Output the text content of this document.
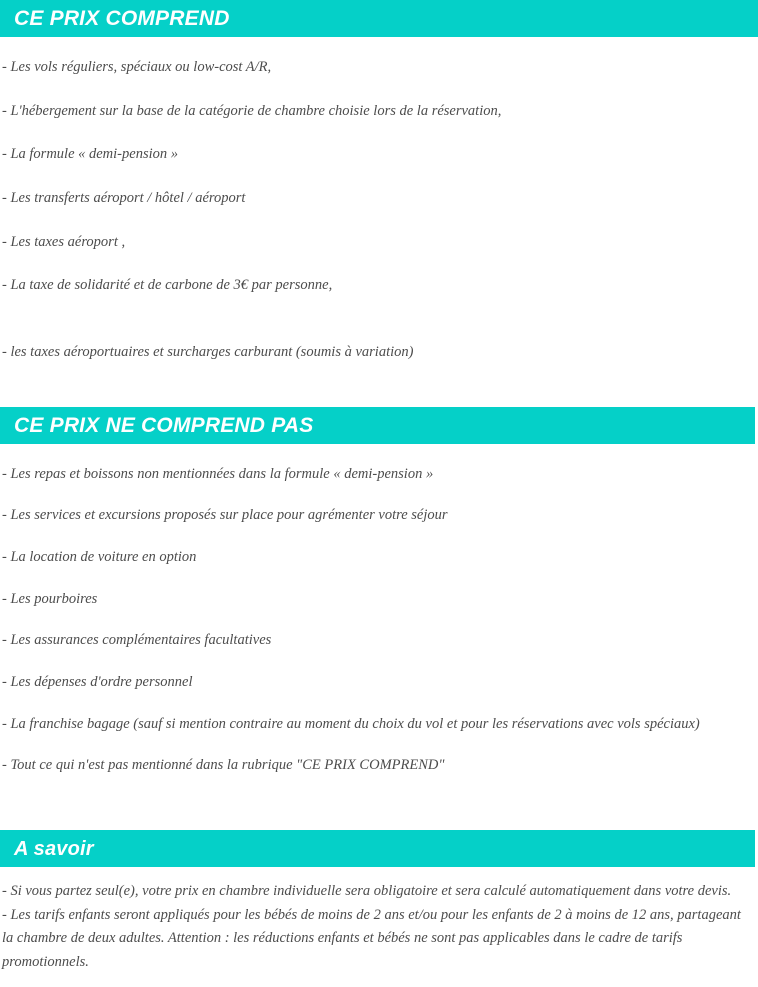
CE PRIX COMPREND
- Les vols réguliers, spéciaux ou low-cost A/R,
- L'hébergement sur la base de la catégorie de chambre choisie lors de la réservation,
- La formule « demi-pension »
- Les transferts aéroport / hôtel / aéroport
- Les taxes aéroport ,
- La taxe de solidarité et de carbone de 3€ par personne,
- les taxes aéroportuaires et surcharges carburant (soumis à variation)
CE PRIX NE COMPREND PAS
- Les repas et boissons non mentionnées dans la formule « demi-pension »
- Les services et excursions proposés sur place pour agrémenter votre séjour
- La location de voiture en option
- Les pourboires
- Les assurances complémentaires facultatives
- Les dépenses d'ordre personnel
- La franchise bagage (sauf si mention contraire au moment du choix du vol et pour les réservations avec vols spéciaux)
- Tout ce qui n'est pas mentionné dans la rubrique "CE PRIX COMPREND"
A savoir

- Si vous partez seul(e), votre prix en chambre individuelle sera obligatoire et sera calculé automatiquement dans votre devis.

- Les tarifs enfants seront appliqués pour les bébés de moins de 2 ans et/ou pour les enfants de 2 à moins de 12 ans, partageant la chambre de deux adultes. Attention : les réductions enfants et bébés ne sont pas applicables dans le cadre de tarifs promotionnels.
